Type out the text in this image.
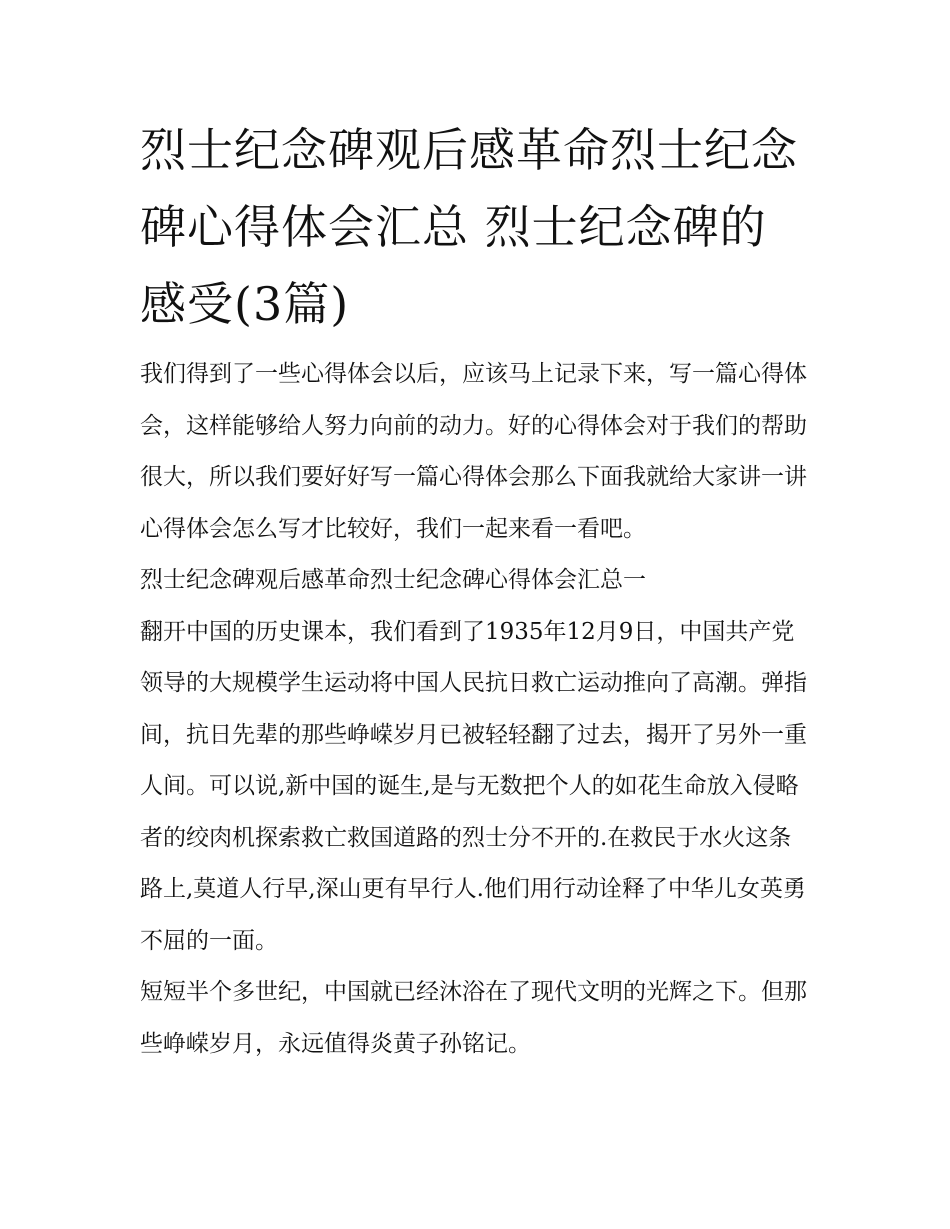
烈士纪念碑观后感革命烈士纪念碑心得体会汇总 烈士纪念碑的感受(3篇)

我们得到了一些心得体会以后，应该马上记录下来，写一篇心得体会，这样能够给人努力向前的动力。好的心得体会对于我们的帮助很大，所以我们要好好写一篇心得体会那么下面我就给大家讲一讲心得体会怎么写才比较好，我们一起来看一看吧。

烈士纪念碑观后感革命烈士纪念碑心得体会汇总一

翻开中国的历史课本，我们看到了1935年12月9日，中国共产党领导的大规模学生运动将中国人民抗日救亡运动推向了高潮。弹指间，抗日先辈的那些峥嵘岁月已被轻轻翻了过去，揭开了另外一重人间。可以说,新中国的诞生,是与无数把个人的如花生命放入侵略者的绞肉机探索救亡救国道路的烈士分不开的.在救民于水火这条路上,莫道人行早,深山更有早行人.他们用行动诠释了中华儿女英勇不屈的一面。

短短半个多世纪，中国就已经沐浴在了现代文明的光辉之下。但那些峥嵘岁月，永远值得炎黄子孙铭记。
